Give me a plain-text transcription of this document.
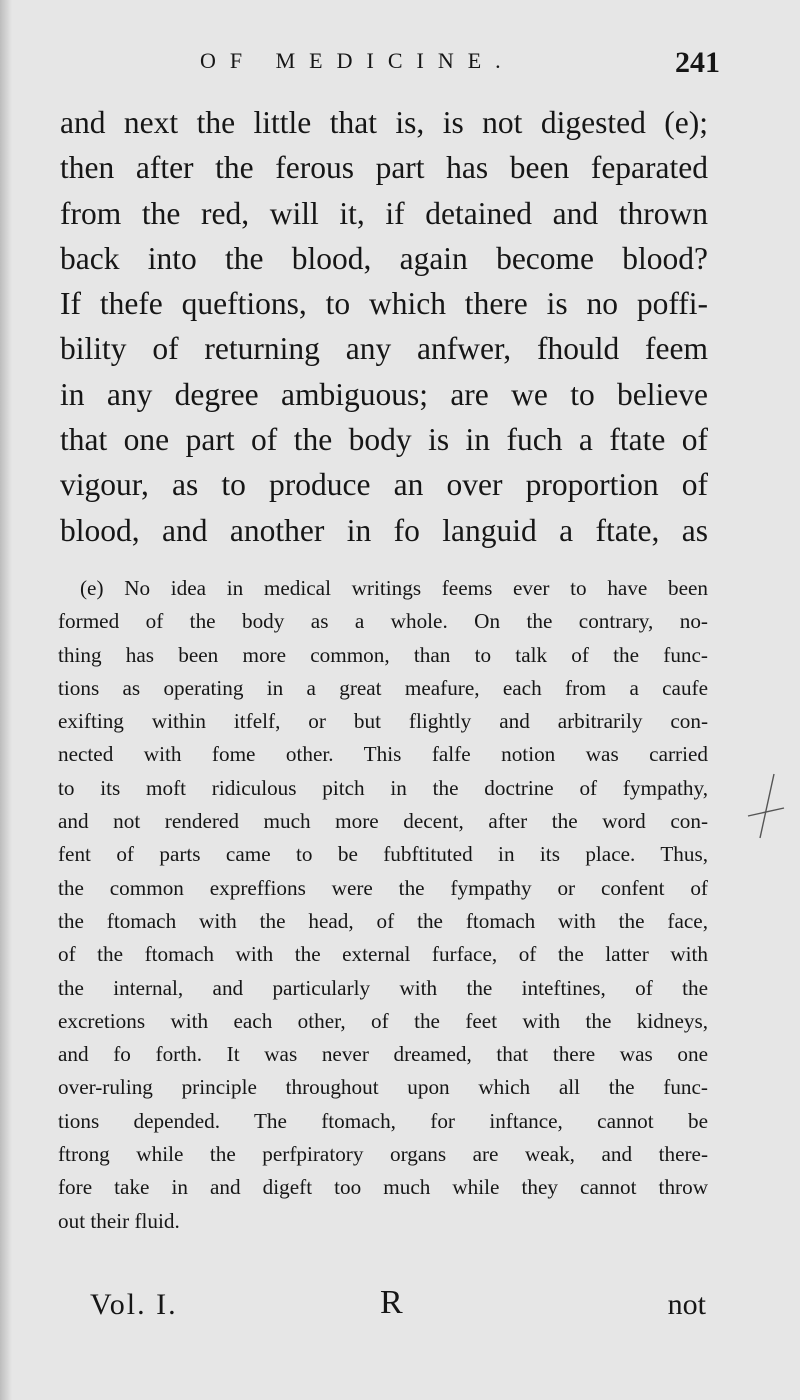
OF MEDICINE.	241
and next the little that is, is not digested (e);
then after the ferous part has been feparated
from the red, will it, if detained and thrown
back into the blood, again become blood?
If thefe queftions, to which there is no poffi-
bility of returning any anfwer, fhould feem
in any degree ambiguous; are we to believe
that one part of the body is in fuch a ftate of
vigour, as to produce an over proportion of
blood, and another in fo languid a ftate, as
(e) No idea in medical writings feems ever to have been
formed of the body as a whole. On the contrary, no-
thing has been more common, than to talk of the func-
tions as operating in a great meafure, each from a caufe
exifting within itfelf, or but flightly and arbitrarily con-
nected with fome other. This falfe notion was carried
to its moft ridiculous pitch in the doctrine of fympathy,
and not rendered much more decent, after the word con-
fent of parts came to be fubftituted in its place. Thus,
the common expreffions were the fympathy or confent of
the ftomach with the head, of the ftomach with the face,
of the ftomach with the external furface, of the latter with
the internal, and particularly with the inteftines, of the
excretions with each other, of the feet with the kidneys,
and fo forth. It was never dreamed, that there was one
over-ruling principle throughout upon which all the func-
tions depended. The ftomach, for inftance, cannot be
ftrong while the perfpiratory organs are weak, and there-
fore take in and digeft too much while they cannot throw
out their fluid.
Vol. I.	R	not
